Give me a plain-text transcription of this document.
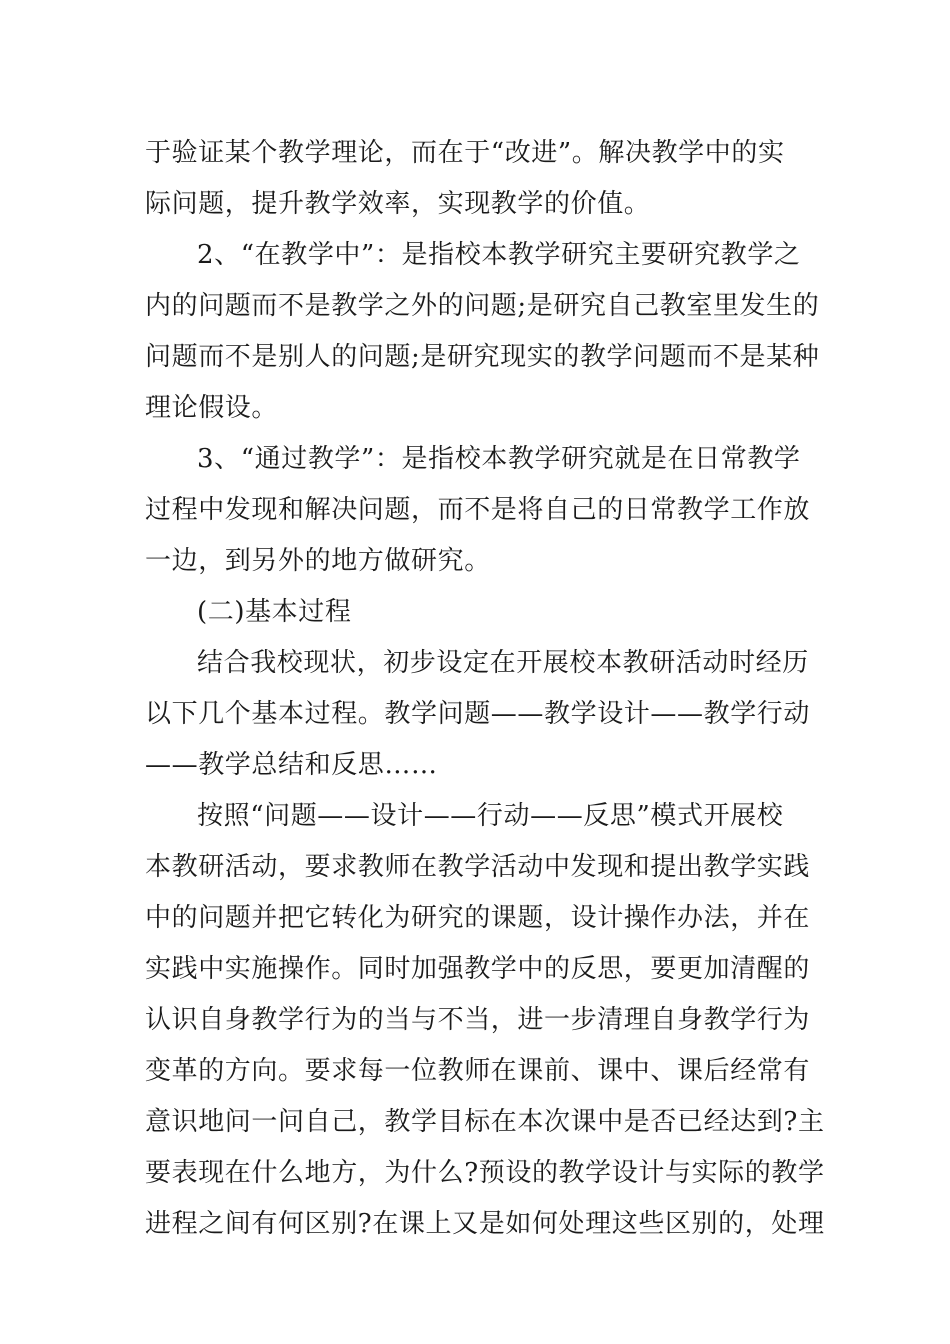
于验证某个教学理论，而在于“改进”。解决教学中的实
际问题，提升教学效率，实现教学的价值。
2、“在教学中”：是指校本教学研究主要研究教学之
内的问题而不是教学之外的问题;是研究自己教室里发生的
问题而不是别人的问题;是研究现实的教学问题而不是某种
理论假设。
3、“通过教学”：是指校本教学研究就是在日常教学
过程中发现和解决问题，而不是将自己的日常教学工作放
一边，到另外的地方做研究。
(二)基本过程
结合我校现状，初步设定在开展校本教研活动时经历
以下几个基本过程。教学问题——教学设计——教学行动
——教学总结和反思……
按照“问题——设计——行动——反思”模式开展校
本教研活动，要求教师在教学活动中发现和提出教学实践
中的问题并把它转化为研究的课题，设计操作办法，并在
实践中实施操作。同时加强教学中的反思，要更加清醒的
认识自身教学行为的当与不当，进一步清理自身教学行为
变革的方向。要求每一位教师在课前、课中、课后经常有
意识地问一问自己，教学目标在本次课中是否已经达到?主
要表现在什么地方，为什么?预设的教学设计与实际的教学
进程之间有何区别?在课上又是如何处理这些区别的，处理
